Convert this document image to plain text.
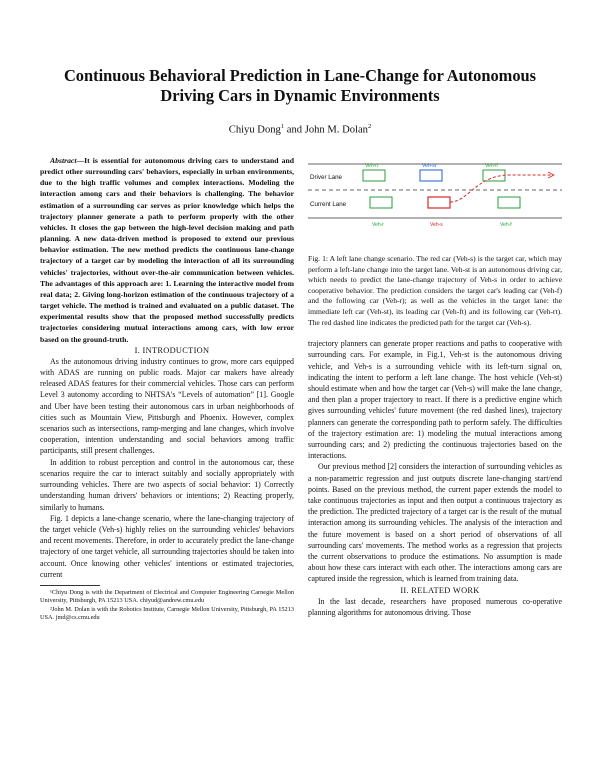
Continuous Behavioral Prediction in Lane-Change for Autonomous Driving Cars in Dynamic Environments
Chiyu Dong$^1$ and John M. Dolan$^2$

Abstract—It is essential for autonomous driving cars to understand and predict other surrounding cars' behaviors, especially in urban environments, due to the high traffic volumes and complex interactions. Modeling the interaction among cars and their behaviors is challenging. The behavior estimation of a surrounding car serves as prior knowledge which helps the trajectory planner generate a path to perform properly with the other vehicles. It closes the gap between the high-level decision making and path planning. A new data-driven method is proposed to extend our previous behavior estimation. The new method predicts the continuous lane-change trajectory of a target car by modeling the interaction of all its surrounding vehicles' trajectories, without over-the-air communication between vehicles. The advantages of this approach are: 1. Learning the interactive model from real data; 2. Giving long-horizon estimation of the continuous trajectory of a target vehicle. The method is trained and evaluated on a public dataset. The experimental results show that the proposed method successfully predicts trajectories considering mutual interactions among cars, with low error based on the ground-truth.

I. INTRODUCTION

As the autonomous driving industry continues to grow, more cars equipped with ADAS are running on public roads. Major car makers have already released ADAS features for their commercial vehicles. Those cars can perform Level 3 autonomy according to NHTSA's “Levels of automation” [1]. Google and Uber have been testing their autonomous cars in urban neighborhoods of cities such as Mountain View, Pittsburgh and Phoenix. However, complex scenarios such as intersections, ramp-merging and lane changes, which involve cooperation, intention understanding and social behaviors among traffic participants, still present challenges.

In addition to robust perception and control in the autonomous car, these scenarios require the car to interact suitably and socially appropriately with surrounding vehicles. There are two aspects of social behavior: 1) Correctly understanding human drivers' behaviors or intentions; 2) Reacting properly, similarly to humans.

Fig. 1 depicts a lane-change scenario, where the lane-changing trajectory of the target vehicle (Veh-s) highly relies on the surrounding vehicles' behaviors and recent movements. Therefore, in order to accurately predict the lane-change trajectory of one target vehicle, all surrounding trajectories should be taken into account. Once knowing other vehicles' intentions or estimated trajectories, current

¹Chiyu Dong is with the Department of Electrical and Computer Engineering Carnegie Mellon University, Pittsburgh, PA 15213 USA. chiyud@andrew.cmu.edu

²John M. Dolan is with the Robotics Institute, Carnegie Mellon University, Pittsburgh, PA 15213 USA. jmd@cs.cmu.edu

Driver Lane
Current Lane
Veh-rt	Veh-st	Veh-lf
Veh-r	Veh-s	Veh-f

Fig. 1: A left lane change scenario. The red car (Veh-s) is the target car, which may perform a left-lane change into the target lane. Veh-st is an autonomous driving car, which needs to predict the lane-change trajectory of Veh-s in order to achieve cooperative behavior. The prediction considers the target car's leading car (Veh-f) and the following car (Veh-r); as well as the vehicles in the target lane: the immediate left car (Veh-st), its leading car (Veh-ft) and its following car (Veh-rt). The red dashed line indicates the predicted path for the target car (Veh-s).

trajectory planners can generate proper reactions and paths to cooperative with surrounding cars. For example, in Fig.1, Veh-st is the autonomous driving vehicle, and Veh-s is a surrounding vehicle with its left-turn signal on, indicating the intent to perform a left lane change. The host vehicle (Veh-st) should estimate when and how the target car (Veh-s) will make the lane change, and then plan a proper trajectory to react. If there is a predictive engine which gives surrounding vehicles' future movement (the red dashed lines), trajectory planners can generate the corresponding path to perform safely. The difficulties of the trajectory estimation are: 1) modeling the mutual interactions among surrounding cars; and 2) predicting the continuous trajectories based on the interactions.

Our previous method [2] considers the interaction of surrounding vehicles as a non-parametric regression and just outputs discrete lane-changing start/end points. Based on the previous method, the current paper extends the model to take continuous trajectories as input and then output a continuous trajectory as the prediction. The predicted trajectory of a target car is the result of the mutual interaction among its surrounding vehicles. The analysis of the interaction and the future movement is based on a short period of observations of all surrounding cars' movements. The method works as a regression that projects the current observations to produce the estimations. No assumption is made about how these cars interact with each other. The interactions among cars are captured inside the regression, which is learned from training data.

II. RELATED WORK

In the last decade, researchers have proposed numerous co-operative planning algorithms for autonomous driving. Those
